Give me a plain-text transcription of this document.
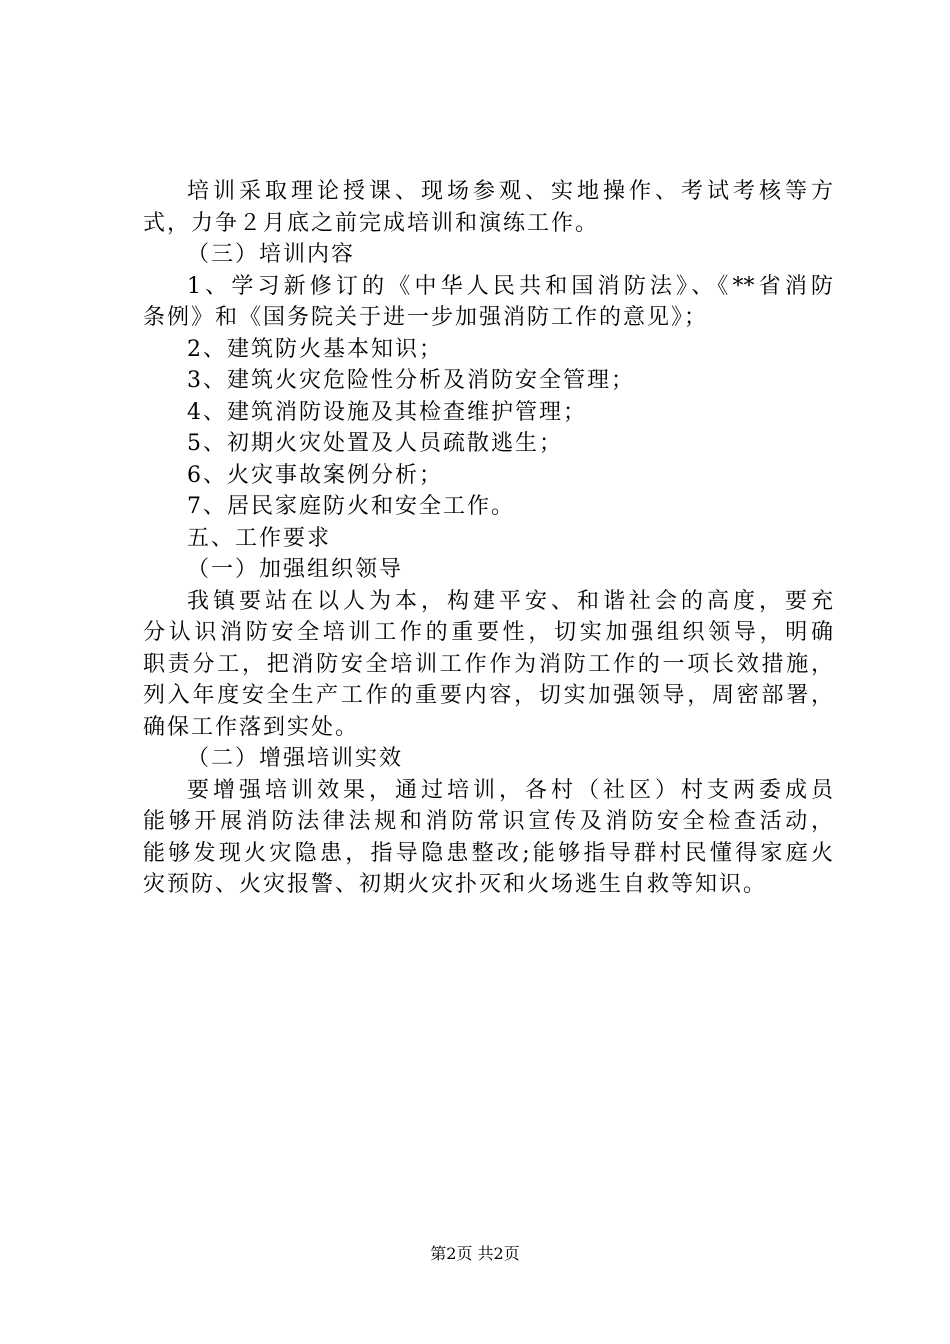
培训采取理论授课、现场参观、实地操作、考试考核等方
式，力争２月底之前完成培训和演练工作。
（三）培训内容
1、学习新修订的《中华人民共和国消防法》、《**省消防
条例》和《国务院关于进一步加强消防工作的意见》；
2、建筑防火基本知识；
3、建筑火灾危险性分析及消防安全管理；
4、建筑消防设施及其检查维护管理；
5、初期火灾处置及人员疏散逃生；
6、火灾事故案例分析；
7、居民家庭防火和安全工作。
五、工作要求
（一）加强组织领导
我镇要站在以人为本，构建平安、和谐社会的高度，要充
分认识消防安全培训工作的重要性，切实加强组织领导，明确
职责分工，把消防安全培训工作作为消防工作的一项长效措施，
列入年度安全生产工作的重要内容，切实加强领导，周密部署，
确保工作落到实处。
（二）增强培训实效
要增强培训效果，通过培训，各村（社区）村支两委成员
能够开展消防法律法规和消防常识宣传及消防安全检查活动，
能够发现火灾隐患，指导隐患整改;能够指导群村民懂得家庭火
灾预防、火灾报警、初期火灾扑灭和火场逃生自救等知识。
第2页 共2页
